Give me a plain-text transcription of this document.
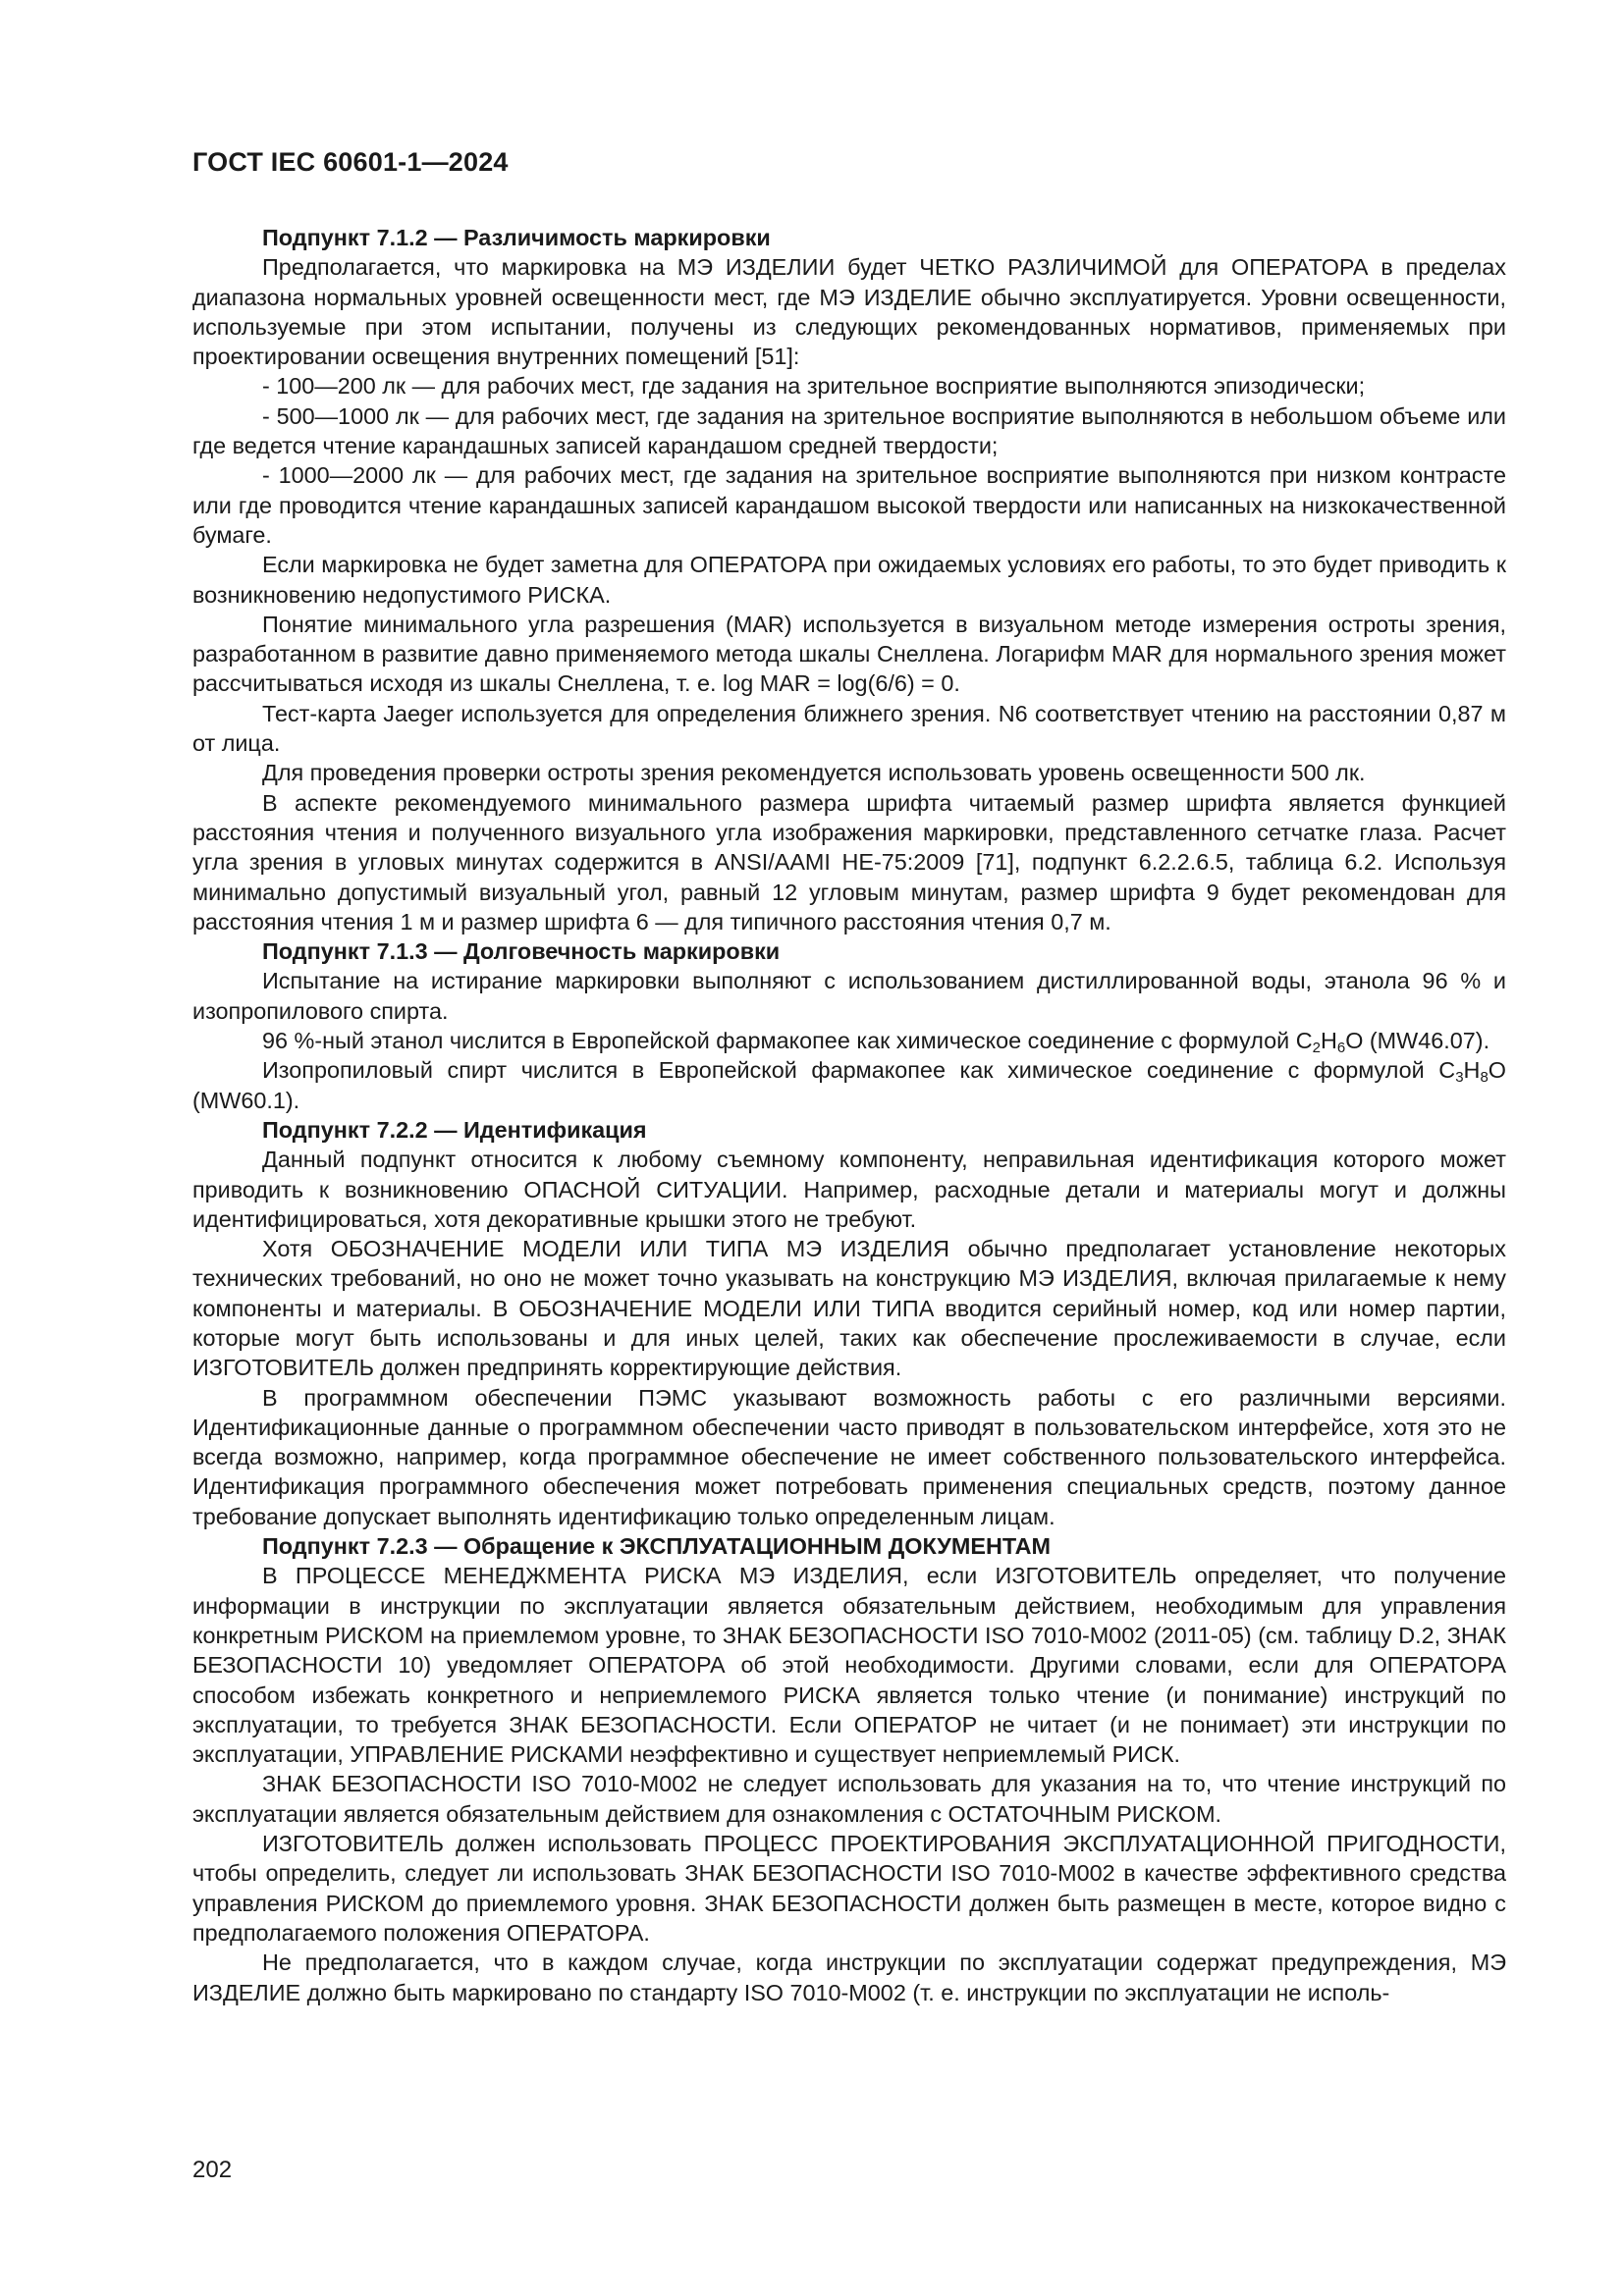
ГОСТ IEC 60601-1—2024
Подпункт 7.1.2 — Различимость маркировки

Предполагается, что маркировка на МЭ ИЗДЕЛИИ будет ЧЕТКО РАЗЛИЧИМОЙ для ОПЕРАТОРА в пределах диапазона нормальных уровней освещенности мест, где МЭ ИЗДЕЛИЕ обычно эксплуатируется. Уровни освещенности, используемые при этом испытании, получены из следующих рекомендованных нормативов, применяемых при проектировании освещения внутренних помещений [51]:

- 100—200 лк — для рабочих мест, где задания на зрительное восприятие выполняются эпизодически;

- 500—1000 лк — для рабочих мест, где задания на зрительное восприятие выполняются в небольшом объеме или где ведется чтение карандашных записей карандашом средней твердости;

- 1000—2000 лк — для рабочих мест, где задания на зрительное восприятие выполняются при низком контрасте или где проводится чтение карандашных записей карандашом высокой твердости или написанных на низкокачественной бумаге.

Если маркировка не будет заметна для ОПЕРАТОРА при ожидаемых условиях его работы, то это будет приводить к возникновению недопустимого РИСКА.

Понятие минимального угла разрешения (MAR) используется в визуальном методе измерения остроты зрения, разработанном в развитие давно применяемого метода шкалы Снеллена. Логарифм MAR для нормального зрения может рассчитываться исходя из шкалы Снеллена, т. е. log MAR = log(6/6) = 0.

Тест-карта Jaeger используется для определения ближнего зрения. N6 соответствует чтению на расстоянии 0,87 м от лица.

Для проведения проверки остроты зрения рекомендуется использовать уровень освещенности 500 лк.

В аспекте рекомендуемого минимального размера шрифта читаемый размер шрифта является функцией расстояния чтения и полученного визуального угла изображения маркировки, представленного сетчатке глаза. Расчет угла зрения в угловых минутах содержится в ANSI/AAMI HE-75:2009 [71], подпункт 6.2.2.6.5, таблица 6.2. Используя минимально допустимый визуальный угол, равный 12 угловым минутам, размер шрифта 9 будет рекомендован для расстояния чтения 1 м и размер шрифта 6 — для типичного расстояния чтения 0,7 м.

Подпункт 7.1.3 — Долговечность маркировки

Испытание на истирание маркировки выполняют с использованием дистиллированной воды, этанола 96 % и изопропилового спирта.

96 %-ный этанол числится в Европейской фармакопее как химическое соединение с формулой $C_2H_6O$ (MW46.07).

Изопропиловый спирт числится в Европейской фармакопее как химическое соединение с формулой $C_3H_8O$ (MW60.1).

Подпункт 7.2.2 — Идентификация

Данный подпункт относится к любому съемному компоненту, неправильная идентификация которого может приводить к возникновению ОПАСНОЙ СИТУАЦИИ. Например, расходные детали и материалы могут и должны идентифицироваться, хотя декоративные крышки этого не требуют.

Хотя ОБОЗНАЧЕНИЕ МОДЕЛИ ИЛИ ТИПА МЭ ИЗДЕЛИЯ обычно предполагает установление некоторых технических требований, но оно не может точно указывать на конструкцию МЭ ИЗДЕЛИЯ, включая прилагаемые к нему компоненты и материалы. В ОБОЗНАЧЕНИЕ МОДЕЛИ ИЛИ ТИПА вводится серийный номер, код или номер партии, которые могут быть использованы и для иных целей, таких как обеспечение прослеживаемости в случае, если ИЗГОТОВИТЕЛЬ должен предпринять корректирующие действия.

В программном обеспечении ПЭМС указывают возможность работы с его различными версиями. Идентификационные данные о программном обеспечении часто приводят в пользовательском интерфейсе, хотя это не всегда возможно, например, когда программное обеспечение не имеет собственного пользовательского интерфейса. Идентификация программного обеспечения может потребовать применения специальных средств, поэтому данное требование допускает выполнять идентификацию только определенным лицам.

Подпункт 7.2.3 — Обращение к ЭКСПЛУАТАЦИОННЫМ ДОКУМЕНТАМ

В ПРОЦЕССЕ МЕНЕДЖМЕНТА РИСКА МЭ ИЗДЕЛИЯ, если ИЗГОТОВИТЕЛЬ определяет, что получение информации в инструкции по эксплуатации является обязательным действием, необходимым для управления конкретным РИСКОМ на приемлемом уровне, то ЗНАК БЕЗОПАСНОСТИ ISO 7010-M002 (2011-05) (см. таблицу D.2, ЗНАК БЕЗОПАСНОСТИ 10) уведомляет ОПЕРАТОРА об этой необходимости. Другими словами, если для ОПЕРАТОРА способом избежать конкретного и неприемлемого РИСКА является только чтение (и понимание) инструкций по эксплуатации, то требуется ЗНАК БЕЗОПАСНОСТИ. Если ОПЕРАТОР не читает (и не понимает) эти инструкции по эксплуатации, УПРАВЛЕНИЕ РИСКАМИ неэффективно и существует неприемлемый РИСК.

ЗНАК БЕЗОПАСНОСТИ ISO 7010-M002 не следует использовать для указания на то, что чтение инструкций по эксплуатации является обязательным действием для ознакомления с ОСТАТОЧНЫМ РИСКОМ.

ИЗГОТОВИТЕЛЬ должен использовать ПРОЦЕСС ПРОЕКТИРОВАНИЯ ЭКСПЛУАТАЦИОННОЙ ПРИГОДНОСТИ, чтобы определить, следует ли использовать ЗНАК БЕЗОПАСНОСТИ ISO 7010-M002 в качестве эффективного средства управления РИСКОМ до приемлемого уровня. ЗНАК БЕЗОПАСНОСТИ должен быть размещен в месте, которое видно с предполагаемого положения ОПЕРАТОРА.

Не предполагается, что в каждом случае, когда инструкции по эксплуатации содержат предупреждения, МЭ ИЗДЕЛИЕ должно быть маркировано по стандарту ISO 7010-M002 (т. е. инструкции по эксплуатации не исполь-

202
